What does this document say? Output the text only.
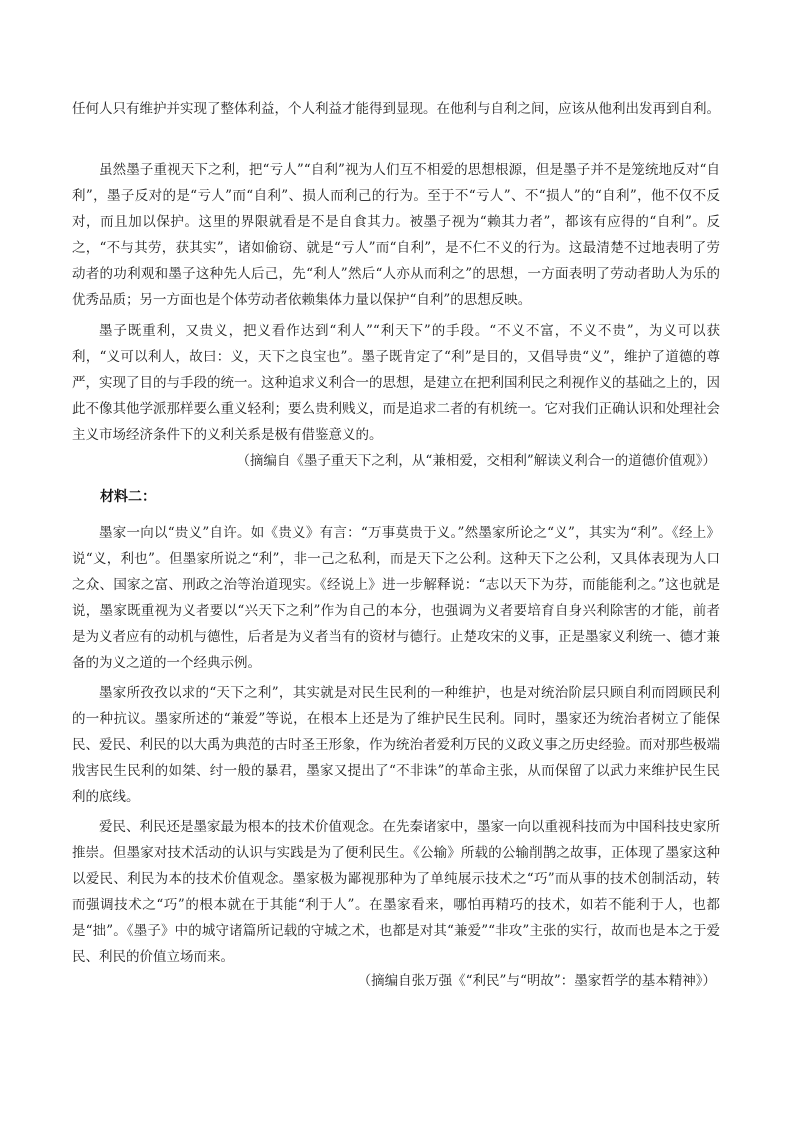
任何人只有维护并实现了整体利益，个人利益才能得到显现。在他利与自利之间，应该从他利出发再到自利。

虽然墨子重视天下之利，把“亏人”“自利”视为人们互不相爱的思想根源，但是墨子并不是笼统地反对“自利”，墨子反对的是“亏人”而“自利”、损人而利己的行为。至于不“亏人”、不“损人”的“自利”，他不仅不反对，而且加以保护。这里的界限就看是不是自食其力。被墨子视为“赖其力者”，都该有应得的“自利”。反之，“不与其劳，获其实”，诸如偷窃、就是“亏人”而“自利”，是不仁不义的行为。这最清楚不过地表明了劳动者的功利观和墨子这种先人后己，先“利人”然后“人亦从而利之”的思想，一方面表明了劳动者助人为乐的优秀品质；另一方面也是个体劳动者依赖集体力量以保护“自利”的思想反映。

墨子既重利，又贵义，把义看作达到“利人”“利天下”的手段。“不义不富，不义不贵”，为义可以获利，“义可以利人，故曰：义，天下之良宝也”。墨子既肯定了“利”是目的，又倡导贵“义”，维护了道德的尊严，实现了目的与手段的统一。这种追求义利合一的思想，是建立在把利国利民之利视作义的基础之上的，因此不像其他学派那样要么重义轻利；要么贵利贱义，而是追求二者的有机统一。它对我们正确认识和处理社会主义市场经济条件下的义利关系是极有借鉴意义的。

（摘编自《墨子重天下之利，从“兼相爱，交相利”解读义利合一的道德价值观》）
材料二：

墨家一向以“贵义”自许。如《贵义》有言：“万事莫贵于义。”然墨家所论之“义”，其实为“利”。《经上》说“义，利也”。但墨家所说之“利”，非一己之私利，而是天下之公利。这种天下之公利，又具体表现为人口之众、国家之富、刑政之治等治道现实。《经说上》进一步解释说：“志以天下为芬，而能能利之。”这也就是说，墨家既重视为义者要以“兴天下之利”作为自己的本分，也强调为义者要培育自身兴利除害的才能，前者是为义者应有的动机与德性，后者是为义者当有的资材与德行。止楚攻宋的义事，正是墨家义利统一、德才兼备的为义之道的一个经典示例。

墨家所孜孜以求的“天下之利”，其实就是对民生民利的一种维护，也是对统治阶层只顾自利而罔顾民利的一种抗议。墨家所述的“兼爱”等说，在根本上还是为了维护民生民利。同时，墨家还为统治者树立了能保民、爱民、利民的以大禹为典范的古时圣王形象，作为统治者爱利万民的义政义事之历史经验。而对那些极端戕害民生民利的如桀、纣一般的暴君，墨家又提出了“不非诛”的革命主张，从而保留了以武力来维护民生民利的底线。

爱民、利民还是墨家最为根本的技术价值观念。在先秦诸家中，墨家一向以重视科技而为中国科技史家所推崇。但墨家对技术活动的认识与实践是为了便利民生。《公输》所载的公输削鹊之故事，正体现了墨家这种以爱民、利民为本的技术价值观念。墨家极为鄙视那种为了单纯展示技术之“巧”而从事的技术创制活动，转而强调技术之“巧”的根本就在于其能“利于人”。在墨家看来，哪怕再精巧的技术，如若不能利于人，也都是“拙”。《墨子》中的城守诸篇所记载的守城之术，也都是对其“兼爱”“非攻”主张的实行，故而也是本之于爱民、利民的价值立场而来。

（摘编自张万强《“利民”与“明故”：墨家哲学的基本精神》）
